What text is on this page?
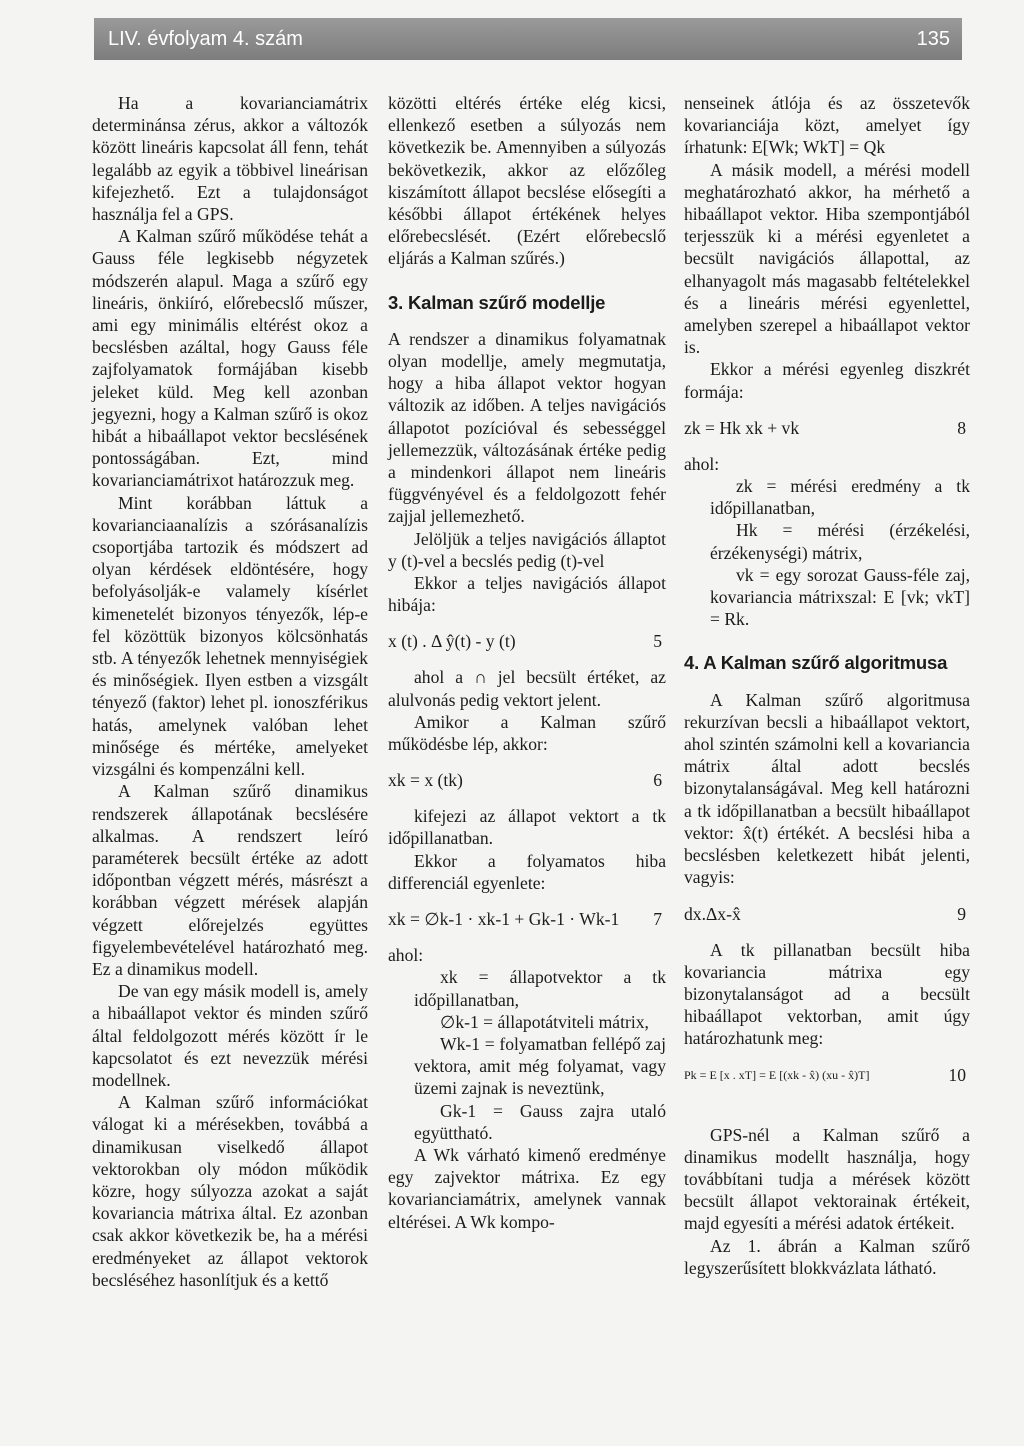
LIV. évfolyam 4. szám	135

Ha a kovarianciamátrix determinánsa zérus, akkor a változók között lineáris kapcsolat áll fenn, tehát legalább az egyik a többivel lineárisan kifejezhető. Ezt a tulajdonságot használja fel a GPS.

A Kalman szűrő működése tehát a Gauss féle legkisebb négyzetek módszerén alapul. Maga a szűrő egy lineáris, önkiíró, előrebecslő műszer, ami egy minimális eltérést okoz a becslésben azáltal, hogy Gauss féle zajfolyamatok formájában kisebb jeleket küld. Meg kell azonban jegyezni, hogy a Kalman szűrő is okoz hibát a hibaállapot vektor becslésének pontosságában. Ezt, mind kovarianciamátrixot határozzuk meg.

Mint korábban láttuk a kovarianciaanalízis a szórásanalízis csoportjába tartozik és módszert ad olyan kérdések eldöntésére, hogy befolyásolják-e valamely kísérlet kimenetelét bizonyos tényezők, lép-e fel közöttük bizonyos kölcsönhatás stb. A tényezők lehetnek mennyiségiek és minőségiek. Ilyen estben a vizsgált tényező (faktor) lehet pl. ionoszférikus hatás, amelynek valóban lehet minősége és mértéke, amelyeket vizsgálni és kompenzálni kell.

A Kalman szűrő dinamikus rendszerek állapotának becslésére alkalmas. A rendszert leíró paraméterek becsült értéke az adott időpontban végzett mérés, másrészt a korábban végzett mérések alapján végzett előrejelzés együttes figyelembevételével határozható meg. Ez a dinamikus modell.

De van egy másik modell is, amely a hibaállapot vektor és minden szűrő által feldolgozott mérés között ír le kapcsolatot és ezt nevezzük mérési modellnek.

A Kalman szűrő információkat válogat ki a mérésekben, továbbá a dinamikusan viselkedő állapot vektorokban oly módon működik közre, hogy súlyozza azokat a saját kovariancia mátrixa által. Ez azonban csak akkor következik be, ha a mérési eredményeket az állapot vektorok becsléséhez hasonlítjuk és a kettő

közötti eltérés értéke elég kicsi, ellenkező esetben a súlyozás nem következik be. Amennyiben a súlyozás bekövetkezik, akkor az előzőleg kiszámított állapot becslése elősegíti a későbbi állapot értékének helyes előrebecslését. (Ezért előrebecslő eljárás a Kalman szűrés.)

3. Kalman szűrő modellje

A rendszer a dinamikus folyamatnak olyan modellje, amely megmutatja, hogy a hiba állapot vektor hogyan változik az időben. A teljes navigációs állapotot pozícióval és sebességgel jellemezzük, változásának értéke pedig a mindenkori állapot nem lineáris függvényével és a feldolgozott fehér zajjal jellemezhető.

Jelöljük a teljes navigációs állaptot y (t)-vel a becslés pedig (t)-vel

Ekkor a teljes navigációs állapot hibája:

x (t) . Δ ŷ(t) - y (t)	5

ahol a ∩ jel becsült értéket, az alulvonás pedig vektort jelent.

Amikor a Kalman szűrő működésbe lép, akkor:

xk = x (tk)	6

kifejezi az állapot vektort a tk időpillanatban.

Ekkor a folyamatos hiba differenciál egyenlete:

xk = ∅k-1 · xk-1 + Gk-1 · Wk-1 7

ahol:

xk = állapotvektor a tk időpillanatban,

∅k-1 = állapotátviteli mátrix,

Wk-1 = folyamatban fellépő zaj vektora, amit még folyamat, vagy üzemi zajnak is neveztünk,

Gk-1 = Gauss zajra utaló együttható.

A Wk várható kimenő eredménye egy zajvektor mátrixa. Ez egy kovarianciamátrix, amelynek vannak eltérései. A Wk kompo-

nenseinek átlója és az összetevők kovarianciája közt, amelyet így írhatunk: E[Wk; WkT] = Qk

A másik modell, a mérési modell meghatározható akkor, ha mérhető a hibaállapot vektor. Hiba szempontjából terjesszük ki a mérési egyenletet a becsült navigációs állapottal, az elhanyagolt más magasabb feltételekkel és a lineáris mérési egyenlettel, amelyben szerepel a hibaállapot vektor is.

Ekkor a mérési egyenleg diszkrét formája:

zk = Hk xk + vk	8

ahol:

zk = mérési eredmény a tk időpillanatban,

Hk = mérési (érzékelési, érzékenységi) mátrix,

vk = egy sorozat Gauss-féle zaj, kovariancia mátrixszal: E [vk; vkT] = Rk.

4. A Kalman szűrő algoritmusa

A Kalman szűrő algoritmusa rekurzívan becsli a hibaállapot vektort, ahol szintén számolni kell a kovariancia mátrix által adott becslés bizonytalanságával. Meg kell határozni a tk időpillanatban a becsült hibaállapot vektor: x̂(t) értékét. A becslési hiba a becslésben keletkezett hibát jelenti, vagyis:

dx.Δx-x̂	9

A tk pillanatban becsült hiba kovariancia mátrixa egy bizonytalanságot ad a becsült hibaállapot vektorban, amit úgy határozhatunk meg:

Pk = E [x . xT] = E [(xk - x̂) (xu - x̂)T]	10

GPS-nél a Kalman szűrő a dinamikus modellt használja, hogy továbbítani tudja a mérések között becsült állapot vektorainak értékeit, majd egyesíti a mérési adatok értékeit.

Az 1. ábrán a Kalman szűrő legyszerűsített blokkvázlata látható.
